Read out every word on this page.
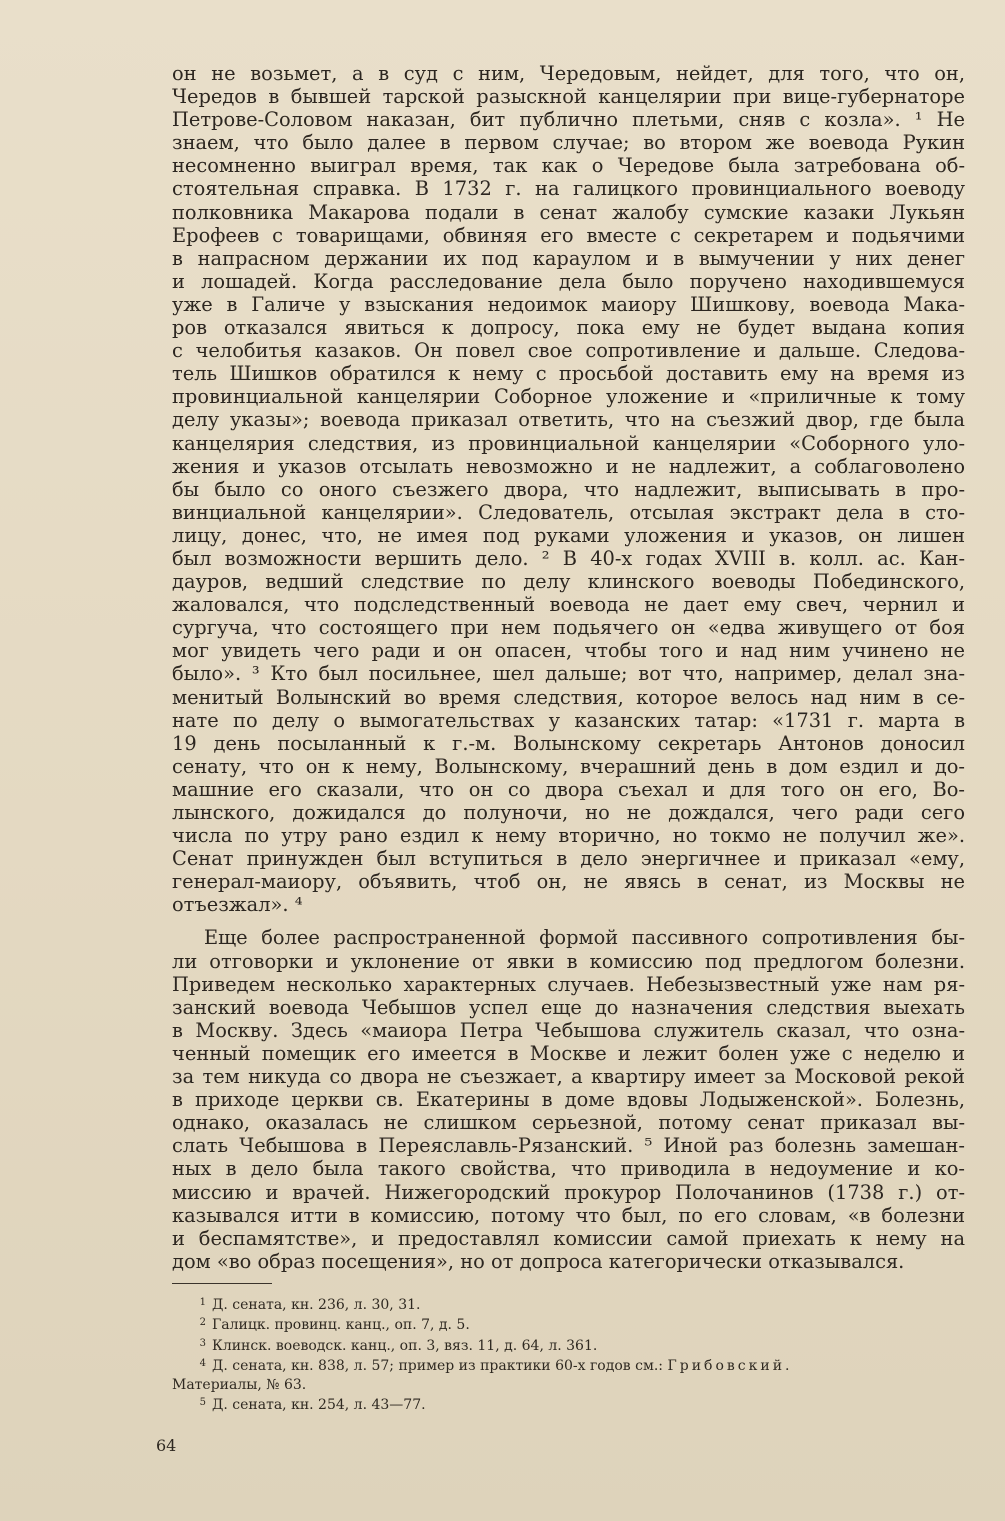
он не возьмет, а в суд с ним, Чередовым, нейдет, для того, что он,
Чередов в бывшей тарской разыскной канцелярии при вице-губернаторе
Петрове-Соловом наказан, бит публично плетьми, сняв с козла». ¹ Не
знаем, что было далее в первом случае; во втором же воевода Рукин
несомненно выиграл время, так как о Чередове была затребована об-
стоятельная справка. В 1732 г. на галицкого провинциального воеводу
полковника Макарова подали в сенат жалобу сумские казаки Лукьян
Ерофеев с товарищами, обвиняя его вместе с секретарем и подьячими
в напрасном держании их под караулом и в вымучении у них денег
и лошадей. Когда расследование дела было поручено находившемуся
уже в Галиче у взыскания недоимок маиору Шишкову, воевода Мака-
ров отказался явиться к допросу, пока ему не будет выдана копия
с челобитья казаков. Он повел свое сопротивление и дальше. Следова-
тель Шишков обратился к нему с просьбой доставить ему на время из
провинциальной канцелярии Соборное уложение и «приличные к тому
делу указы»; воевода приказал ответить, что на съезжий двор, где была
канцелярия следствия, из провинциальной канцелярии «Соборного уло-
жения и указов отсылать невозможно и не надлежит, а соблаговолено
бы было со оного съезжего двора, что надлежит, выписывать в про-
винциальной канцелярии». Следователь, отсылая экстракт дела в сто-
лицу, донес, что, не имея под руками уложения и указов, он лишен
был возможности вершить дело. ² В 40-х годах XVIII в. колл. ас. Кан-
дауров, ведший следствие по делу клинского воеводы Побединского,
жаловался, что подследственный воевода не дает ему свеч, чернил и
сургуча, что состоящего при нем подьячего он «едва живущего от боя
мог увидеть чего ради и он опасен, чтобы того и над ним учинено не
было». ³ Кто был посильнее, шел дальше; вот что, например, делал зна-
менитый Волынский во время следствия, которое велось над ним в се-
нате по делу о вымогательствах у казанских татар: «1731 г. марта в
19 день посыланный к г.-м. Волынскому секретарь Антонов доносил
сенату, что он к нему, Волынскому, вчерашний день в дом ездил и до-
машние его сказали, что он со двора съехал и для того он его, Во-
лынского, дожидался до полуночи, но не дождался, чего ради сего
числа по утру рано ездил к нему вторично, но токмо не получил же».
Сенат принужден был вступиться в дело энергичнее и приказал «ему,
генерал-маиору, объявить, чтоб он, не явясь в сенат, из Москвы не
отъезжал». ⁴
Еще более распространенной формой пассивного сопротивления бы-
ли отговорки и уклонение от явки в комиссию под предлогом болезни.
Приведем несколько характерных случаев. Небезызвестный уже нам ря-
занский воевода Чебышов успел еще до назначения следствия выехать
в Москву. Здесь «маиора Петра Чебышова служитель сказал, что озна-
ченный помещик его имеется в Москве и лежит болен уже с неделю и
за тем никуда со двора не съезжает, а квартиру имеет за Московой рекой
в приходе церкви св. Екатерины в доме вдовы Лодыженской». Болезнь,
однако, оказалась не слишком серьезной, потому сенат приказал вы-
слать Чебышова в Переяславль-Рязанский. ⁵ Иной раз болезнь замешан-
ных в дело была такого свойства, что приводила в недоумение и ко-
миссию и врачей. Нижегородский прокурор Полочанинов (1738 г.) от-
казывался итти в комиссию, потому что был, по его словам, «в болезни
и беспамятстве», и предоставлял комиссии самой приехать к нему на
дом «во образ посещения», но от допроса категорически отказывался.
1 Д. сената, кн. 236, л. 30, 31.
2 Галицк. провинц. канц., оп. 7, д. 5.
3 Клинск. воеводск. канц., оп. 3, вяз. 11, д. 64, л. 361.
4 Д. сената, кн. 838, л. 57; пример из практики 60-х годов см.: Грибовский.
Материалы, № 63.
5 Д. сената, кн. 254, л. 43—77.
64
